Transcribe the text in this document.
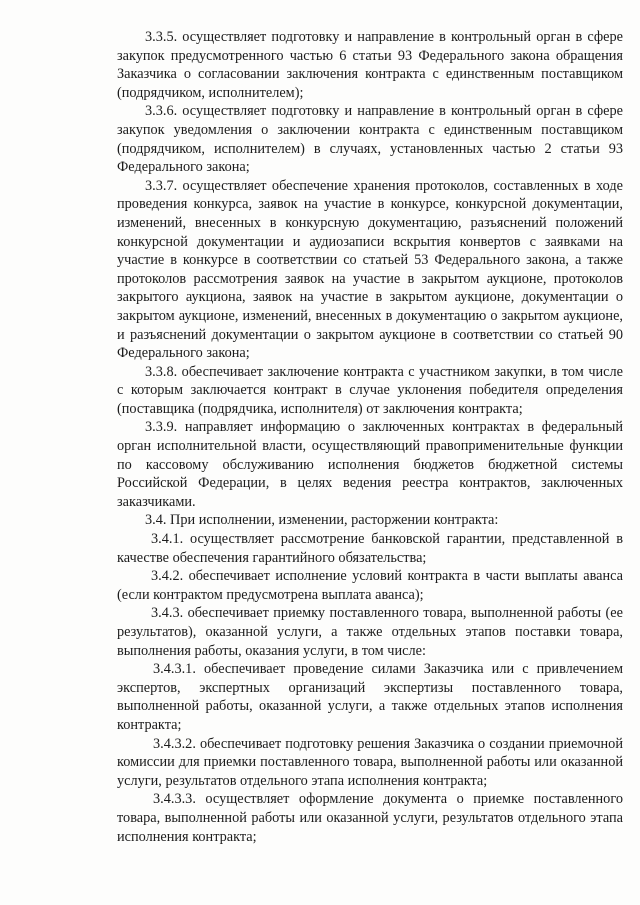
3.3.5. осуществляет подготовку и направление в контрольный орган в сфере закупок предусмотренного частью 6 статьи 93 Федерального закона обращения Заказчика о согласовании заключения контракта с единственным поставщиком (подрядчиком, исполнителем);

3.3.6. осуществляет подготовку и направление в контрольный орган в сфере закупок уведомления о заключении контракта с единственным поставщиком (подрядчиком, исполнителем) в случаях, установленных частью 2 статьи 93 Федерального закона;

3.3.7. осуществляет обеспечение хранения протоколов, составленных в ходе проведения конкурса, заявок на участие в конкурсе, конкурсной документации, изменений, внесенных в конкурсную документацию, разъяснений положений конкурсной документации и аудиозаписи вскрытия конвертов с заявками на участие в конкурсе в соответствии со статьей 53 Федерального закона, а также протоколов рассмотрения заявок на участие в закрытом аукционе, протоколов закрытого аукциона, заявок на участие в закрытом аукционе, документации о закрытом аукционе, изменений, внесенных в документацию о закрытом аукционе, и разъяснений документации о закрытом аукционе в соответствии со статьей 90 Федерального закона;

3.3.8. обеспечивает заключение контракта с участником закупки, в том числе с которым заключается контракт в случае уклонения победителя определения (поставщика (подрядчика, исполнителя) от заключения контракта;

3.3.9. направляет информацию о заключенных контрактах в федеральный орган исполнительной власти, осуществляющий правоприменительные функции по кассовому обслуживанию исполнения бюджетов бюджетной системы Российской Федерации, в целях ведения реестра контрактов, заключенных заказчиками.

3.4. При исполнении, изменении, расторжении контракта:

3.4.1. осуществляет рассмотрение банковской гарантии, представленной в качестве обеспечения гарантийного обязательства;

3.4.2. обеспечивает исполнение условий контракта в части выплаты аванса (если контрактом предусмотрена выплата аванса);

3.4.3. обеспечивает приемку поставленного товара, выполненной работы (ее результатов), оказанной услуги, а также отдельных этапов поставки товара, выполнения работы, оказания услуги, в том числе:

3.4.3.1. обеспечивает проведение силами Заказчика или с привлечением экспертов, экспертных организаций экспертизы поставленного товара, выполненной работы, оказанной услуги, а также отдельных этапов исполнения контракта;

3.4.3.2. обеспечивает подготовку решения Заказчика о создании приемочной комиссии для приемки поставленного товара, выполненной работы или оказанной услуги, результатов отдельного этапа исполнения контракта;

3.4.3.3. осуществляет оформление документа о приемке поставленного товара, выполненной работы или оказанной услуги, результатов отдельного этапа исполнения контракта;
